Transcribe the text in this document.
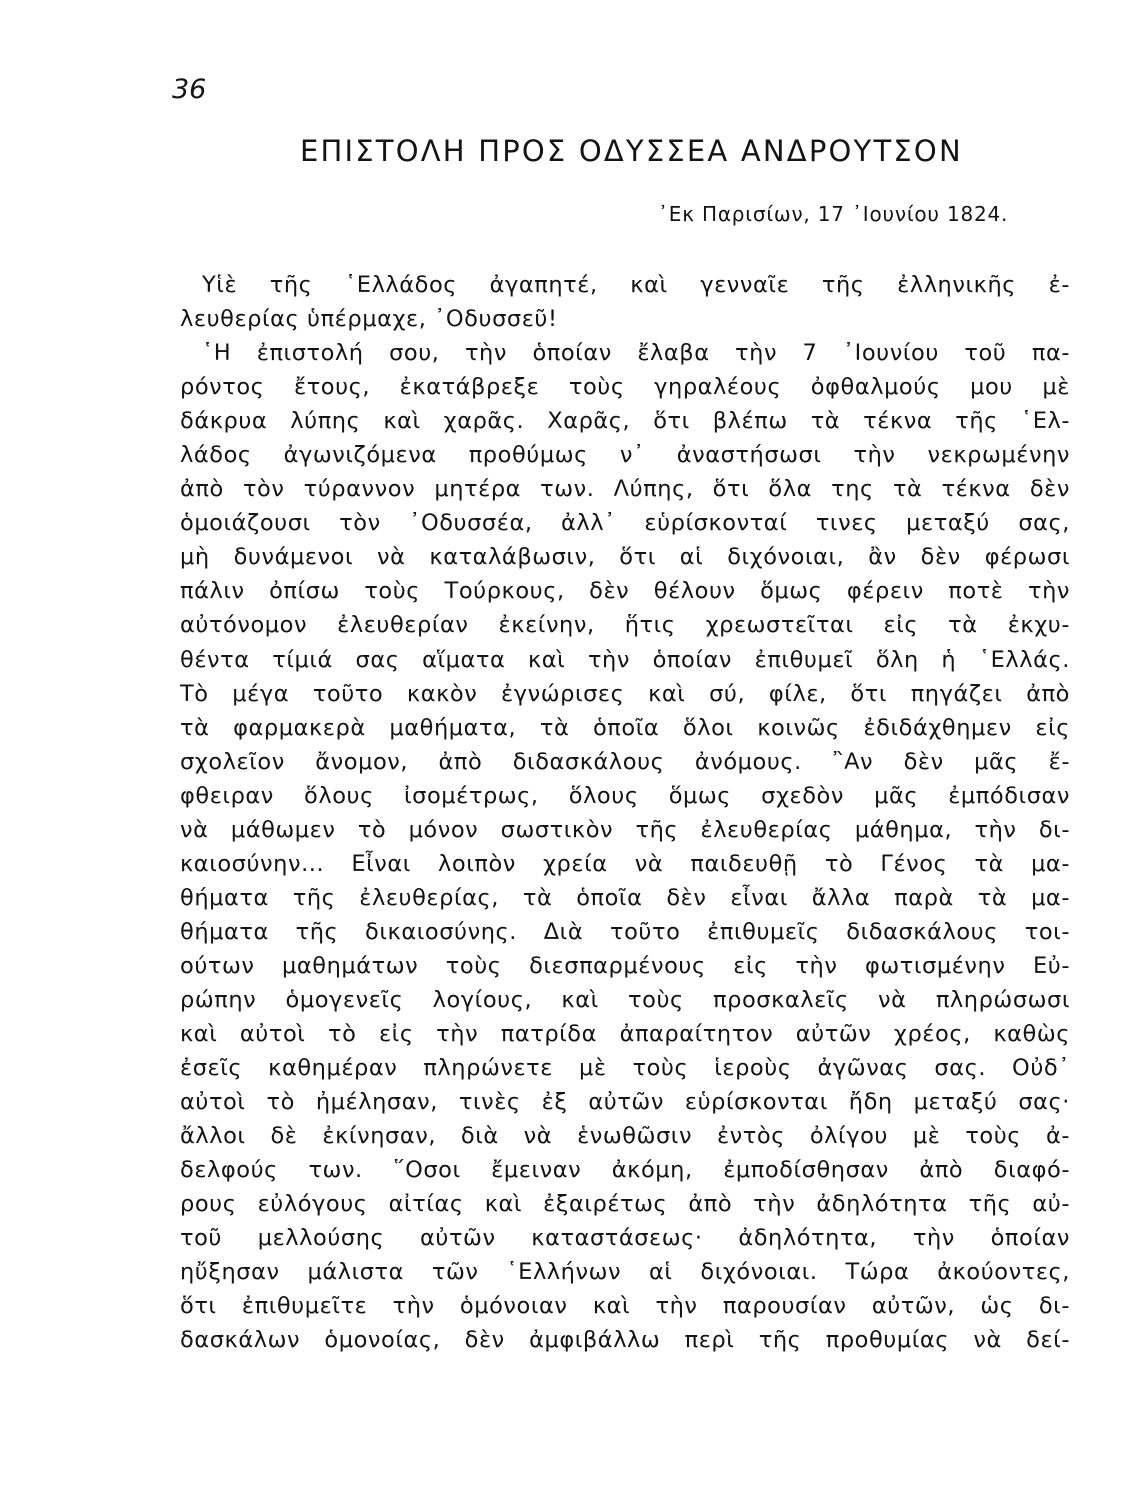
36
ΕΠΙΣΤΟΛΗ ΠΡΟΣ ΟΔΥΣΣΕΑ ΑΝΔΡΟΥΤΣΟΝ
᾿Εκ Παρισίων, 17 ᾿Ιουνίου 1824.
Υἱὲ τῆς ῾Ελλάδος ἀγαπητέ, καὶ γενναῖε τῆς ἐλληνικῆς ἐ-
λευθερίας ὑπέρμαχε, ᾿Οδυσσεῦ!
῾Η ἐπιστολή σου, τὴν ὁποίαν ἔλαβα τὴν 7 ᾿Ιουνίου τοῦ πα-
ρόντος ἔτους, ἐκατάβρεξε τοὺς γηραλέους ὀφθαλμούς μου μὲ
δάκρυα λύπης καὶ χαρᾶς. Χαρᾶς, ὅτι βλέπω τὰ τέκνα τῆς ῾Ελ-
λάδος ἀγωνιζόμενα προθύμως ν᾿ ἀναστήσωσι τὴν νεκρωμένην
ἀπὸ τὸν τύραννον μητέρα των. Λύπης, ὅτι ὅλα της τὰ τέκνα δὲν
ὁμοιάζουσι τὸν ᾿Οδυσσέα, ἀλλ᾿ εὑρίσκονταί τινες μεταξύ σας,
μὴ δυνάμενοι νὰ καταλάβωσιν, ὅτι αἱ διχόνοιαι, ἂν δὲν φέρωσι
πάλιν ὀπίσω τοὺς Τούρκους, δὲν θέλουν ὅμως φέρειν ποτὲ τὴν
αὐτόνομον ἐλευθερίαν ἐκείνην, ἥτις χρεωστεῖται εἰς τὰ ἐκχυ-
θέντα τίμιά σας αἵματα καὶ τὴν ὁποίαν ἐπιθυμεῖ ὅλη ἡ ῾Ελλάς.
Τὸ μέγα τοῦτο κακὸν ἐγνώρισες καὶ σύ, φίλε, ὅτι πηγάζει ἀπὸ
τὰ φαρμακερὰ μαθήματα, τὰ ὁποῖα ὅλοι κοινῶς ἐδιδάχθημεν εἰς
σχολεῖον ἄνομον, ἀπὸ διδασκάλους ἀνόμους. ῍Αν δὲν μᾶς ἔ-
φθειραν ὅλους ἰσομέτρως, ὅλους ὅμως σχεδὸν μᾶς ἐμπόδισαν
νὰ μάθωμεν τὸ μόνον σωστικὸν τῆς ἐλευθερίας μάθημα, τὴν δι-
καιοσύνην... Εἶναι λοιπὸν χρεία νὰ παιδευθῇ τὸ Γένος τὰ μα-
θήματα τῆς ἐλευθερίας, τὰ ὁποῖα δὲν εἶναι ἄλλα παρὰ τὰ μα-
θήματα τῆς δικαιοσύνης. Διὰ τοῦτο ἐπιθυμεῖς διδασκάλους τοι-
ούτων μαθημάτων τοὺς διεσπαρμένους εἰς τὴν φωτισμένην Εὐ-
ρώπην ὁμογενεῖς λογίους, καὶ τοὺς προσκαλεῖς νὰ πληρώσωσι
καὶ αὐτοὶ τὸ εἰς τὴν πατρίδα ἀπαραίτητον αὐτῶν χρέος, καθὼς
ἐσεῖς καθημέραν πληρώνετε μὲ τοὺς ἱεροὺς ἀγῶνας σας. Οὐδ᾿
αὐτοὶ τὸ ἠμέλησαν, τινὲς ἐξ αὐτῶν εὑρίσκονται ἤδη μεταξύ σας·
ἄλλοι δὲ ἐκίνησαν, διὰ νὰ ἑνωθῶσιν ἐντὸς ὀλίγου μὲ τοὺς ἀ-
δελφούς των. ῞Οσοι ἔμειναν ἀκόμη, ἐμποδίσθησαν ἀπὸ διαφό-
ρους εὐλόγους αἰτίας καὶ ἐξαιρέτως ἀπὸ τὴν ἀδηλότητα τῆς αὐ-
τοῦ μελλούσης αὐτῶν καταστάσεως· ἀδηλότητα, τὴν ὁποίαν
ηὔξησαν μάλιστα τῶν ῾Ελλήνων αἱ διχόνοιαι. Τώρα ἀκούοντες,
ὅτι ἐπιθυμεῖτε τὴν ὁμόνοιαν καὶ τὴν παρουσίαν αὐτῶν, ὡς δι-
δασκάλων ὁμονοίας, δὲν ἀμφιβάλλω περὶ τῆς προθυμίας νὰ δεί-
